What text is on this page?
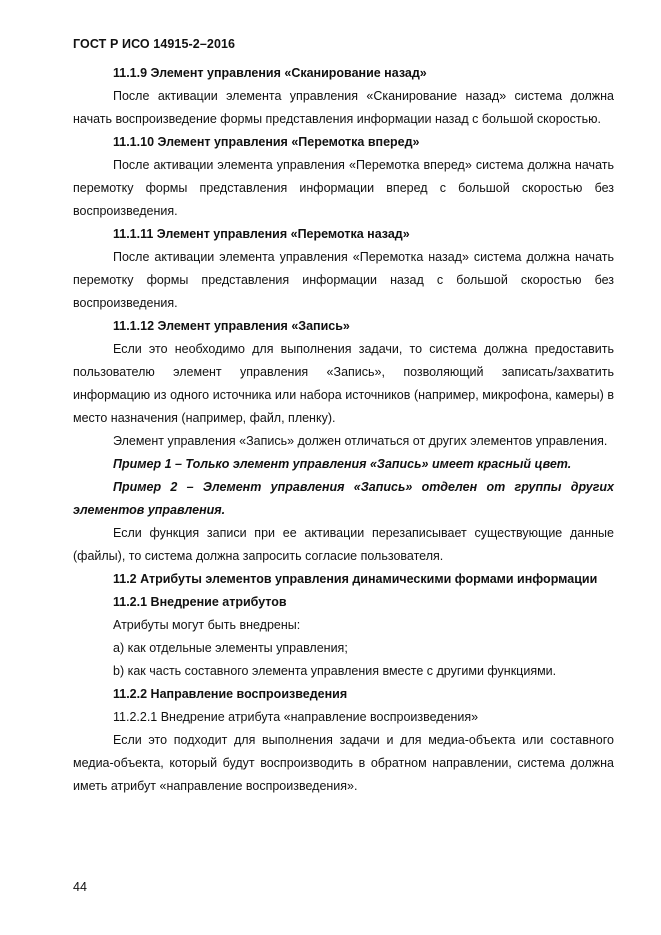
ГОСТ Р ИСО 14915-2–2016

11.1.9 Элемент управления «Сканирование назад»

После активации элемента управления «Сканирование назад» система должна начать воспроизведение формы представления информации назад с большой скоростью.

11.1.10 Элемент управления «Перемотка вперед»

После активации элемента управления «Перемотка вперед» система должна начать перемотку формы представления информации вперед с большой скоростью без воспроизведения.

11.1.11 Элемент управления «Перемотка назад»

После активации элемента управления «Перемотка назад» система должна начать перемотку формы представления информации назад с большой скоростью без воспроизведения.

11.1.12 Элемент управления «Запись»

Если это необходимо для выполнения задачи, то система должна предоставить пользователю элемент управления «Запись», позволяющий записать/захватить информацию из одного источника или набора источников (например, микрофона, камеры) в место назначения (например, файл, пленку).

Элемент управления «Запись» должен отличаться от других элементов управления.

Пример 1 – Только элемент управления «Запись» имеет красный цвет.

Пример 2 – Элемент управления «Запись» отделен от группы других элементов управления.

Если функция записи при ее активации перезаписывает существующие данные (файлы), то система должна запросить согласие пользователя.

11.2 Атрибуты элементов управления динамическими формами информации

11.2.1 Внедрение атрибутов

Атрибуты могут быть внедрены:

a) как отдельные элементы управления;

b) как часть составного элемента управления вместе с другими функциями.

11.2.2 Направление воспроизведения

11.2.2.1 Внедрение атрибута «направление воспроизведения»

Если это подходит для выполнения задачи и для медиа-объекта или составного медиа-объекта, который будут воспроизводить в обратном направлении, система должна иметь атрибут «направление воспроизведения».

44
